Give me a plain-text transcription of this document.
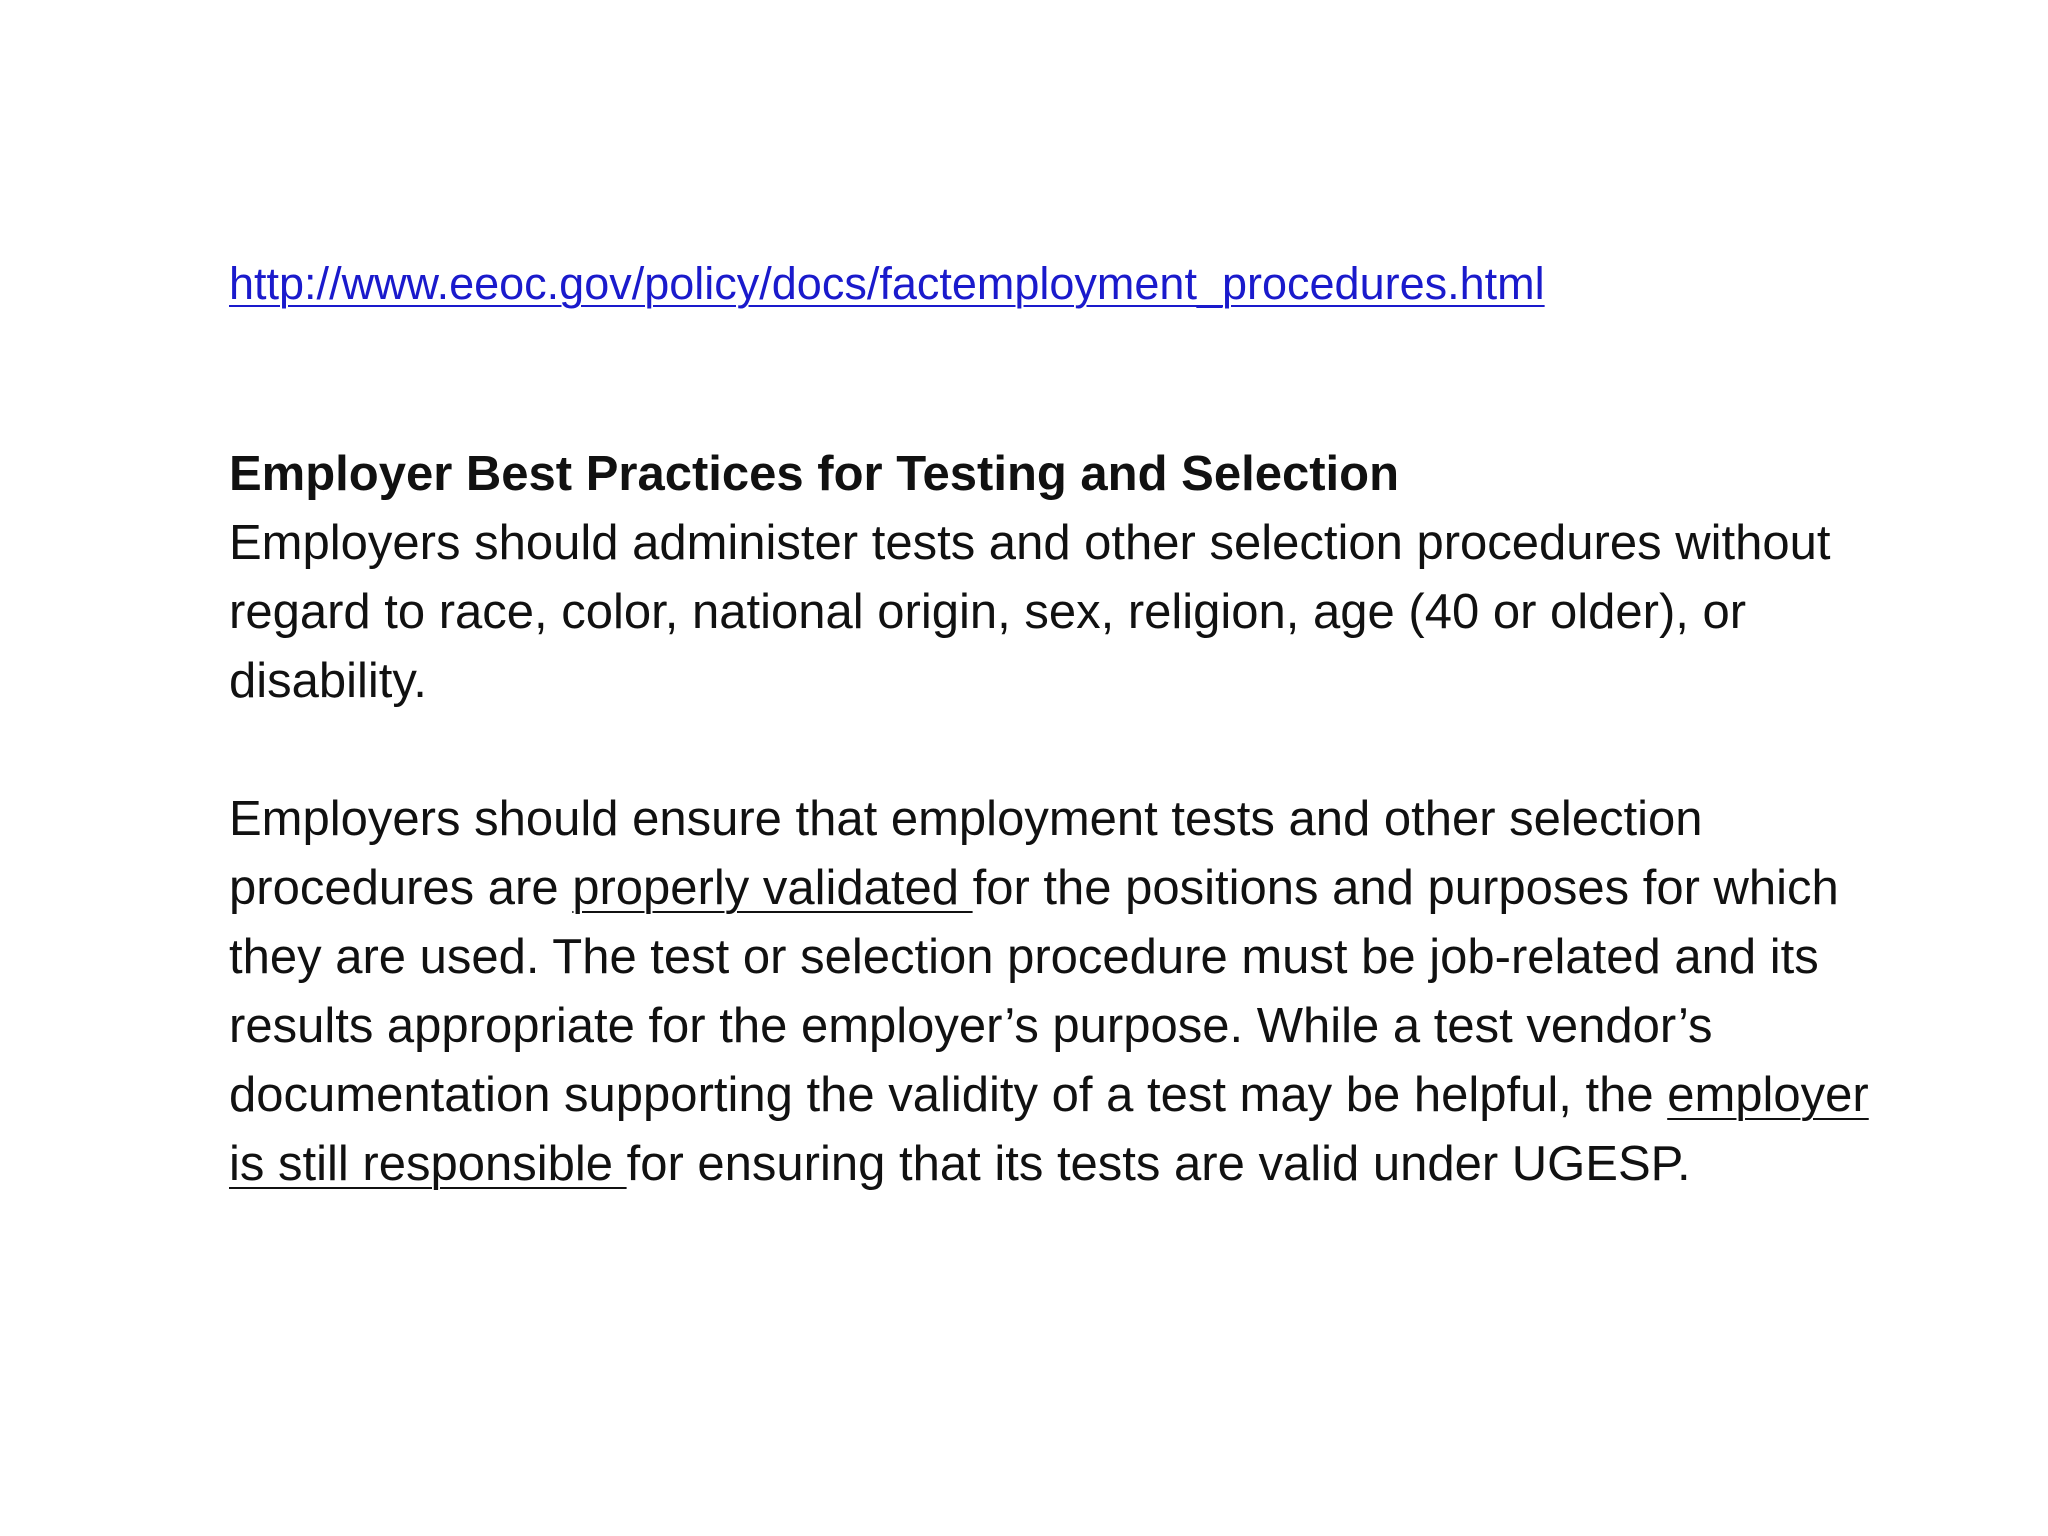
http://www.eeoc.gov/policy/docs/factemployment_procedures.html
Employer Best Practices for Testing and Selection

Employers should administer tests and other selection procedures without regard to race, color, national origin, sex, religion, age (40 or older), or disability.

Employers should ensure that employment tests and other selection procedures are properly validated for the positions and purposes for which they are used. The test or selection procedure must be job-related and its results appropriate for the employer’s purpose. While a test vendor’s documentation supporting the validity of a test may be helpful, the employer is still responsible for ensuring that its tests are valid under UGESP.
